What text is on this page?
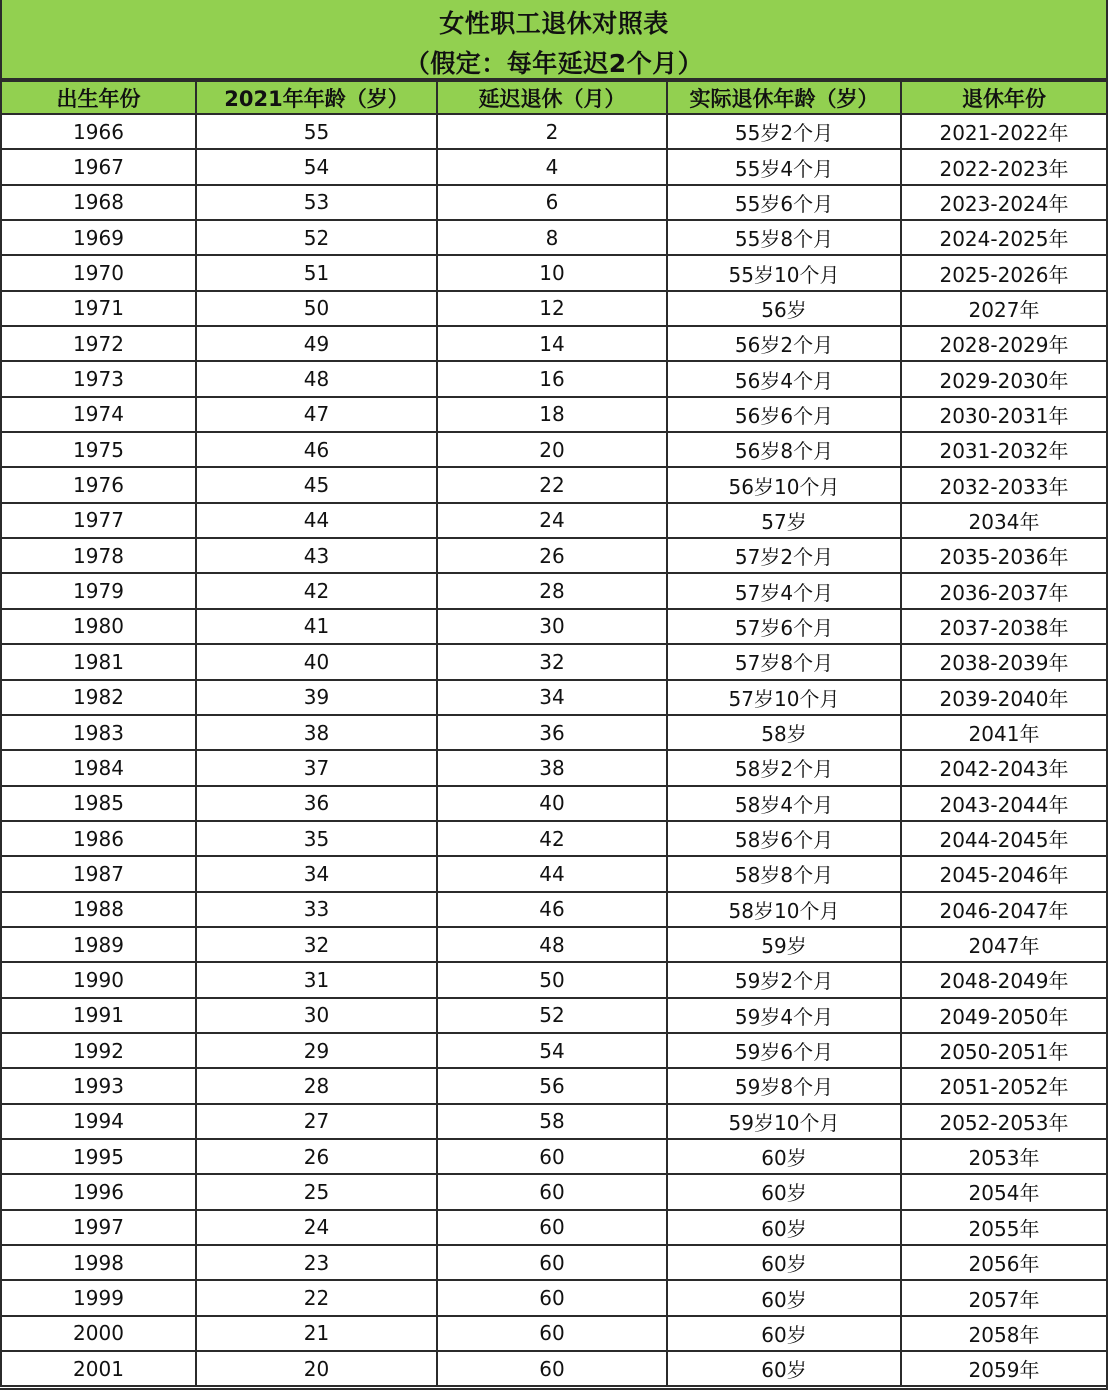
女性职工退休对照表
（假定：每年延迟2个月）
出生年份	2021年年龄（岁）	延迟退休（月）	实际退休年龄（岁）	退休年份
1966	55	2	55岁2个月	2021-2022年
1967	54	4	55岁4个月	2022-2023年
1968	53	6	55岁6个月	2023-2024年
1969	52	8	55岁8个月	2024-2025年
1970	51	10	55岁10个月	2025-2026年
1971	50	12	56岁	2027年
1972	49	14	56岁2个月	2028-2029年
1973	48	16	56岁4个月	2029-2030年
1974	47	18	56岁6个月	2030-2031年
1975	46	20	56岁8个月	2031-2032年
1976	45	22	56岁10个月	2032-2033年
1977	44	24	57岁	2034年
1978	43	26	57岁2个月	2035-2036年
1979	42	28	57岁4个月	2036-2037年
1980	41	30	57岁6个月	2037-2038年
1981	40	32	57岁8个月	2038-2039年
1982	39	34	57岁10个月	2039-2040年
1983	38	36	58岁	2041年
1984	37	38	58岁2个月	2042-2043年
1985	36	40	58岁4个月	2043-2044年
1986	35	42	58岁6个月	2044-2045年
1987	34	44	58岁8个月	2045-2046年
1988	33	46	58岁10个月	2046-2047年
1989	32	48	59岁	2047年
1990	31	50	59岁2个月	2048-2049年
1991	30	52	59岁4个月	2049-2050年
1992	29	54	59岁6个月	2050-2051年
1993	28	56	59岁8个月	2051-2052年
1994	27	58	59岁10个月	2052-2053年
1995	26	60	60岁	2053年
1996	25	60	60岁	2054年
1997	24	60	60岁	2055年
1998	23	60	60岁	2056年
1999	22	60	60岁	2057年
2000	21	60	60岁	2058年
2001	20	60	60岁	2059年
